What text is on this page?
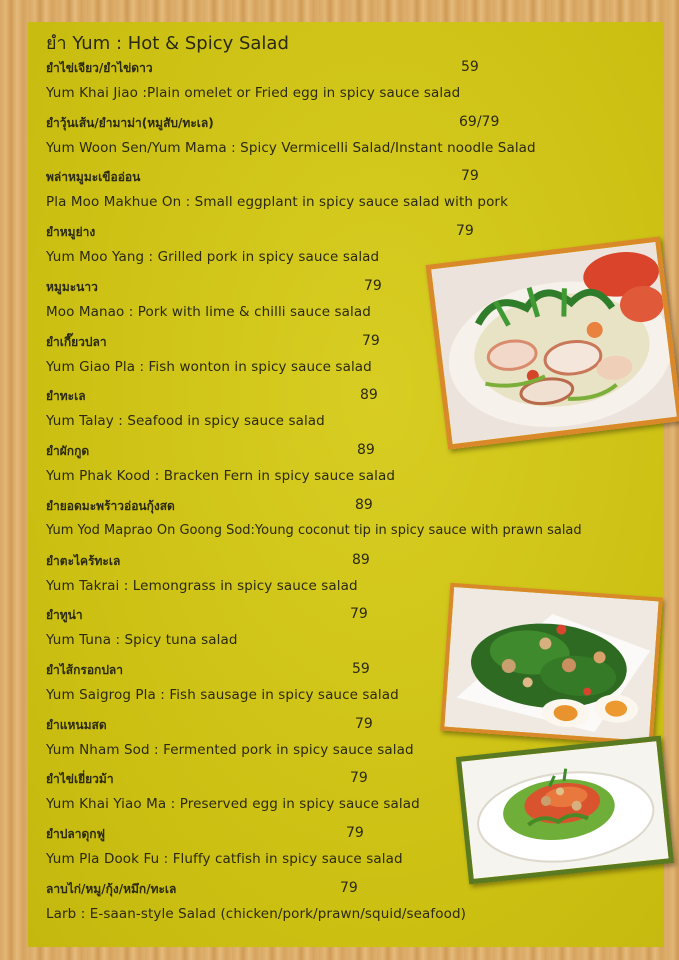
ยำ Yum : Hot & Spicy Salad
ยำไข่เจียว/ยำไข่ดาว	59
Yum Khai Jiao :Plain omelet or Fried egg in spicy sauce salad
ยำวุ้นเส้น/ยำมาม่า(หมูสับ/ทะเล)	69/79
Yum Woon Sen/Yum Mama : Spicy Vermicelli Salad/Instant noodle Salad
พล่าหมูมะเขืออ่อน	79
Pla Moo Makhue On : Small eggplant in spicy sauce salad with pork
ยำหมูย่าง	79
Yum Moo Yang : Grilled pork in spicy sauce salad
หมูมะนาว	79
Moo Manao : Pork with lime & chilli sauce salad
ยำเกี๊ยวปลา	79
Yum Giao Pla : Fish wonton in spicy sauce salad
ยำทะเล	89
Yum Talay : Seafood in spicy sauce salad
ยำผักกูด	89
Yum Phak Kood : Bracken Fern in spicy sauce salad
ยำยอดมะพร้าวอ่อนกุ้งสด	89
Yum Yod Maprao On Goong Sod:Young coconut tip in spicy sauce with prawn salad
ยำตะไคร้ทะเล	89
Yum Takrai : Lemongrass in spicy sauce salad
ยำทูน่า	79
Yum Tuna : Spicy tuna salad
ยำไส้กรอกปลา	59
Yum Saigrog Pla : Fish sausage in spicy sauce salad
ยำแหนมสด	79
Yum Nham Sod : Fermented pork in spicy sauce salad
ยำไข่เยี่ยวม้า	79
Yum Khai Yiao Ma : Preserved egg in spicy sauce salad
ยำปลาดุกฟู	79
Yum Pla Dook Fu : Fluffy catfish in spicy sauce salad
ลาบไก่/หมู/กุ้ง/หมึก/ทะเล	79
Larb : E-saan-style Salad (chicken/pork/prawn/squid/seafood)
